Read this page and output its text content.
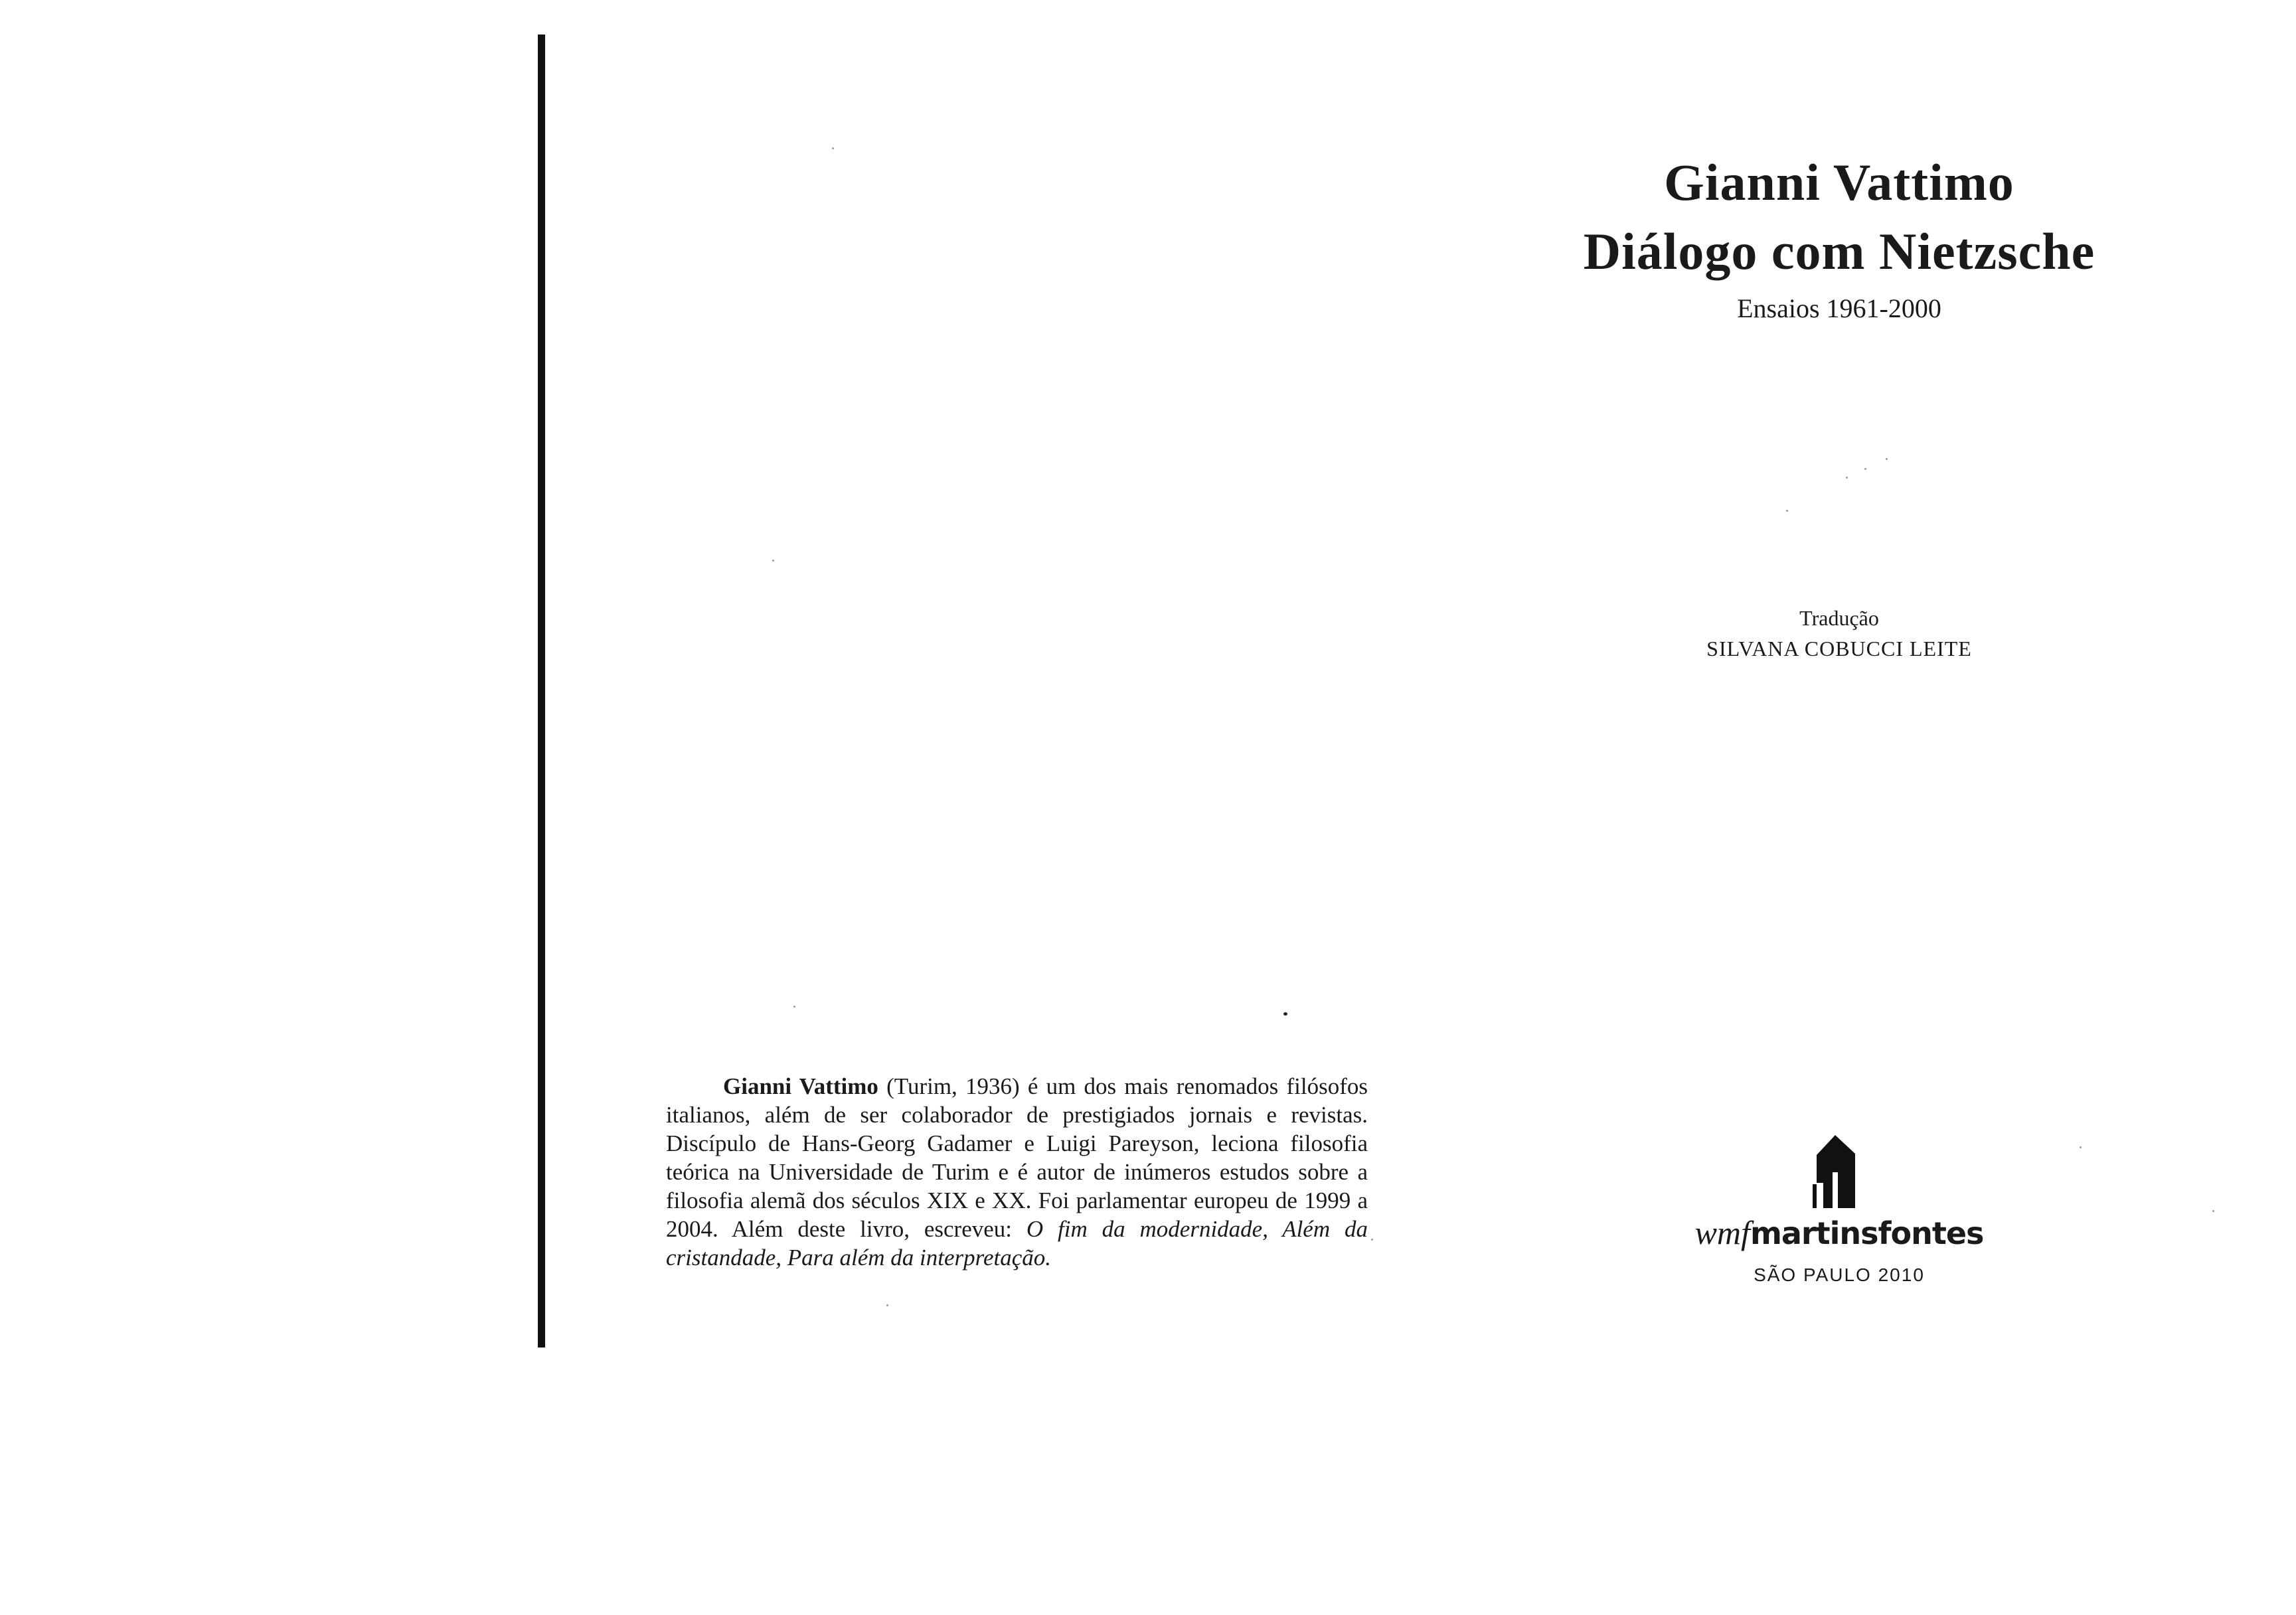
Gianni Vattimo
Diálogo com Nietzsche
Ensaios 1961-2000
Tradução
SILVANA COBUCCI LEITE
wmfmartinsfontes
SÃO PAULO 2010
Gianni Vattimo (Turim, 1936) é um dos mais renomados filósofos italianos, além de ser colaborador de prestigiados jornais e revistas. Discípulo de Hans-Georg Gadamer e Luigi Pareyson, leciona filosofia teórica na Universidade de Turim e é autor de inúmeros estudos sobre a filosofia alemã dos séculos XIX e XX. Foi parlamentar europeu de 1999 a 2004. Além deste livro, escreveu: O fim da modernidade, Além da cristandade, Para além da interpretação.
